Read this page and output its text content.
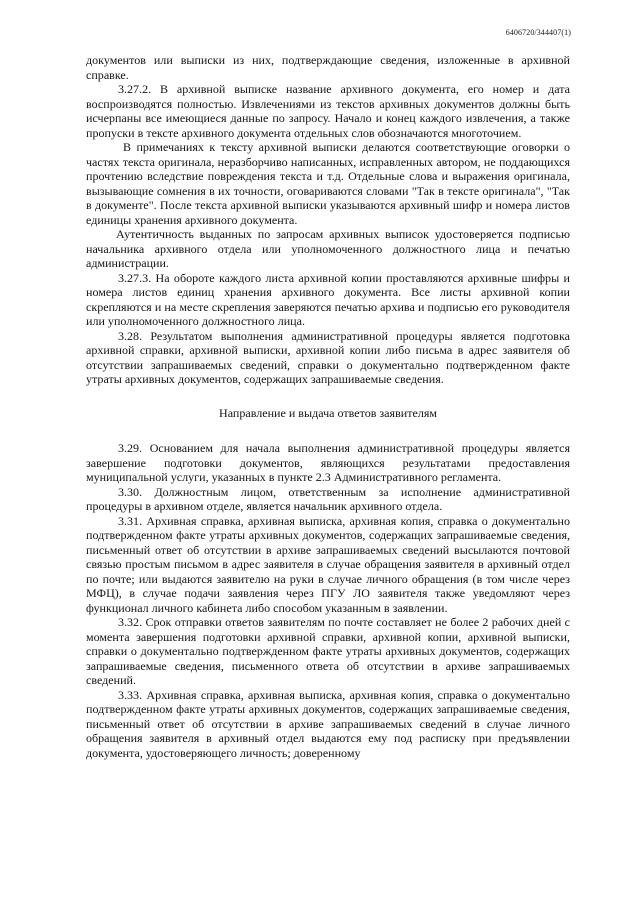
6406720/344407(1)

документов или выписки из них, подтверждающие сведения, изложенные в архивной справке.

3.27.2. В архивной выписке название архивного документа, его номер и дата воспроизводятся полностью. Извлечениями из текстов архивных документов должны быть исчерпаны все имеющиеся данные по запросу. Начало и конец каждого извлечения, а также пропуски в тексте архивного документа отдельных слов обозначаются многоточием.

В примечаниях к тексту архивной выписки делаются соответствующие оговорки о частях текста оригинала, неразборчиво написанных, исправленных автором, не поддающихся прочтению вследствие повреждения текста и т.д. Отдельные слова и выражения оригинала, вызывающие сомнения в их точности, оговариваются словами "Так в тексте оригинала", "Так в документе". После текста архивной выписки указываются архивный шифр и номера листов единицы хранения архивного документа.

Аутентичность выданных по запросам архивных выписок удостоверяется подписью начальника архивного отдела или уполномоченного должностного лица и печатью администрации.

3.27.3. На обороте каждого листа архивной копии проставляются архивные шифры и номера листов единиц хранения архивного документа. Все листы архивной копии скрепляются и на месте скрепления заверяются печатью архива и подписью его руководителя или уполномоченного должностного лица.

3.28. Результатом выполнения административной процедуры является подготовка архивной справки, архивной выписки, архивной копии либо письма в адрес заявителя об отсутствии запрашиваемых сведений, справки о документально подтвержденном факте утраты архивных документов, содержащих запрашиваемые сведения.

Направление и выдача ответов заявителям

3.29. Основанием для начала выполнения административной процедуры является завершение подготовки документов, являющихся результатами предоставления муниципальной услуги, указанных в пункте 2.3 Административного регламента.

3.30. Должностным лицом, ответственным за исполнение административной процедуры в архивном отделе, является начальник архивного отдела.

3.31. Архивная справка, архивная выписка, архивная копия, справка о документально подтвержденном факте утраты архивных документов, содержащих запрашиваемые сведения, письменный ответ об отсутствии в архиве запрашиваемых сведений высылаются почтовой связью простым письмом в адрес заявителя в случае обращения заявителя в архивный отдел по почте; или выдаются заявителю на руки в случае личного обращения (в том числе через МФЦ), в случае подачи заявления через ПГУ ЛО заявителя также уведомляют через функционал личного кабинета либо способом указанным в заявлении.

3.32. Срок отправки ответов заявителям по почте составляет не более 2 рабочих дней с момента завершения подготовки архивной справки, архивной копии, архивной выписки, справки о документально подтвержденном факте утраты архивных документов, содержащих запрашиваемые сведения, письменного ответа об отсутствии в архиве запрашиваемых сведений.

3.33. Архивная справка, архивная выписка, архивная копия, справка о документально подтвержденном факте утраты архивных документов, содержащих запрашиваемые сведения, письменный ответ об отсутствии в архиве запрашиваемых сведений в случае личного обращения заявителя в архивный отдел выдаются ему под расписку при предъявлении документа, удостоверяющего личность; доверенному
